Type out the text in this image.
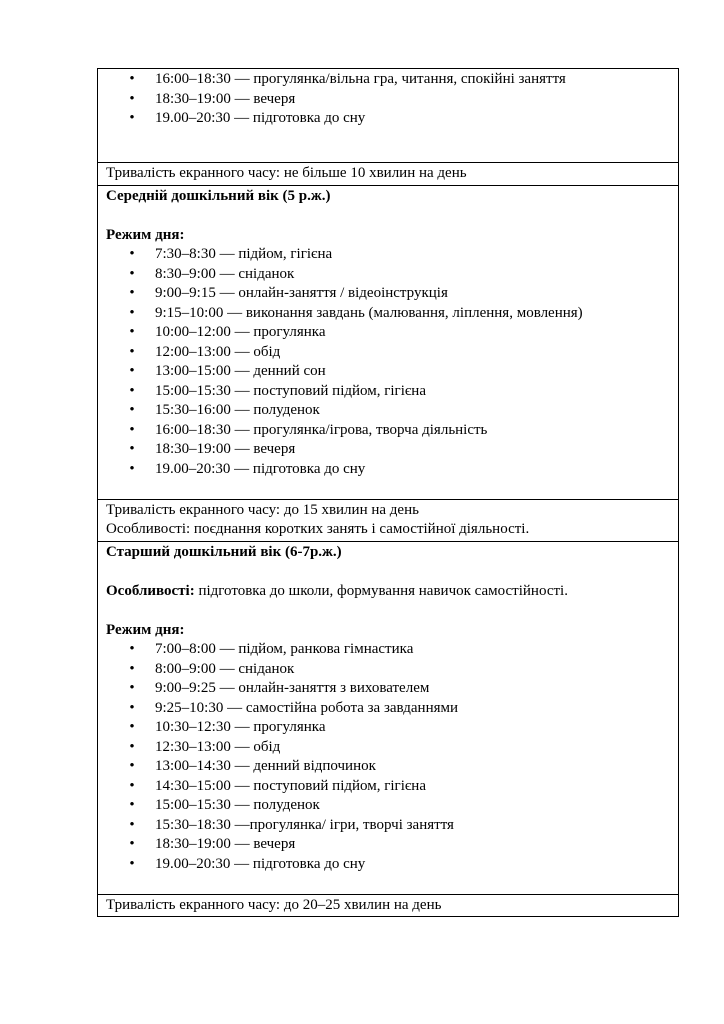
• 16:00–18:30 — прогулянка/вільна гра, читання, спокійні заняття
• 18:30–19:00 — вечеря
• 19.00–20:30 — підготовка до сну
Тривалість екранного часу: не більше 10 хвилин на день
Середній дошкільний вік (5 р.ж.)
Режим дня:
• 7:30–8:30 — підйом, гігієна
• 8:30–9:00 — сніданок
• 9:00–9:15 — онлайн-заняття / відеоінструкція
• 9:15–10:00 — виконання завдань (малювання, ліплення, мовлення)
• 10:00–12:00 — прогулянка
• 12:00–13:00 — обід
• 13:00–15:00 — денний сон
• 15:00–15:30 — поступовий підйом, гігієна
• 15:30–16:00 — полуденок
• 16:00–18:30 — прогулянка/ігрова, творча діяльність
• 18:30–19:00 — вечеря
• 19.00–20:30 — підготовка до сну
Тривалість екранного часу: до 15 хвилин на день
Особливості: поєднання коротких занять і самостійної діяльності.
Старший дошкільний вік (6-7р.ж.)
Особливості: підготовка до школи, формування навичок самостійності.
Режим дня:
• 7:00–8:00 — підйом, ранкова гімнастика
• 8:00–9:00 — сніданок
• 9:00–9:25 — онлайн-заняття з вихователем
• 9:25–10:30 — самостійна робота за завданнями
• 10:30–12:30 — прогулянка
• 12:30–13:00 — обід
• 13:00–14:30 — денний відпочинок
• 14:30–15:00 — поступовий підйом, гігієна
• 15:00–15:30 — полуденок
• 15:30–18:30 —прогулянка/ ігри, творчі заняття
• 18:30–19:00 — вечеря
• 19.00–20:30 — підготовка до сну
Тривалість екранного часу: до 20–25 хвилин на день
